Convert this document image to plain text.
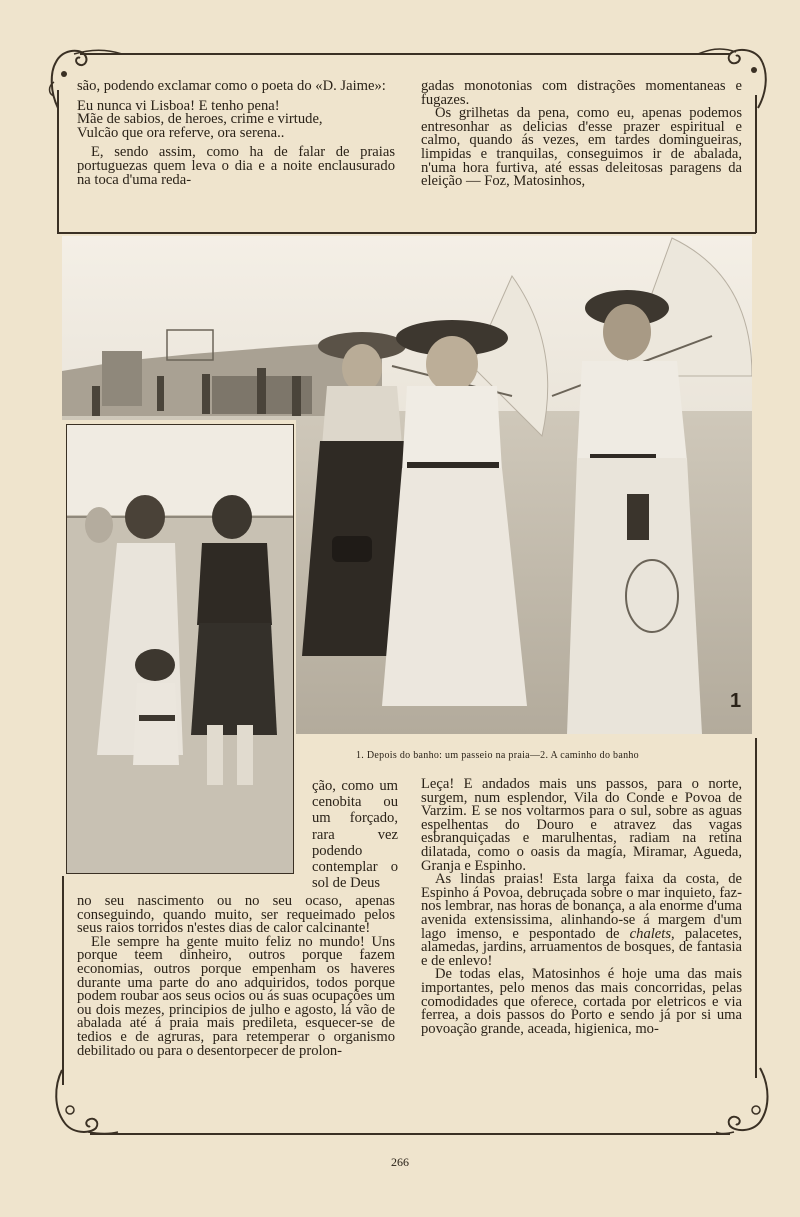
são, podendo exclamar como o poeta do «D. Jaime»:

Eu nunca vi Lisboa! E tenho pena!
Mãe de sabios, de heroes, crime e virtude,
Vulcão que ora referve, ora serena..

E, sendo assim, como ha de falar de praias portuguezas quem leva o dia e a noite enclausurado na toca d'uma reda-

gadas monotonias com distrações momentaneas e fugazes.

Os grilhetas da pena, como eu, apenas podemos entresonhar as delicias d'esse prazer espiritual e calmo, quando ás vezes, em tardes domingueiras, limpidas e tranquilas, conseguimos ir de abalada, n'uma hora furtiva, até essas deleitosas paragens da eleição — Foz, Matosinhos,

1
1. Depois do banho: um passeio na praia—2. A caminho do banho

ção, como um cenobita ou um forçado, rara vez podendo contemplar o sol de Deus

no seu nascimento ou no seu ocaso, apenas conseguindo, quando muito, ser requeimado pelos seus raios torridos n'estes dias de calor calcinante!

Ele sempre ha gente muito feliz no mundo! Uns porque teem dinheiro, outros porque fazem economias, outros porque empenham os haveres durante uma parte do ano adquiridos, todos porque podem roubar aos seus ocios ou ás suas ocupações um ou dois mezes, principios de julho e agosto, lá vão de abalada até á praia mais predileta, esquecer-se de tedios e de agruras, para retemperar o organismo debilitado ou para o desentorpecer de prolon-

Leça! E andados mais uns passos, para o norte, surgem, num esplendor, Vila do Conde e Povoa de Varzim. E se nos voltarmos para o sul, sobre as aguas espelhentas do Douro e atravez das vagas esbranquiçadas e marulhentas, radiam na retina dilatada, como o oasis da magía, Miramar, Agueda, Granja e Espinho.

As lindas praias! Esta larga faixa da costa, de Espinho á Povoa, debruçada sobre o mar inquieto, faz-nos lembrar, nas horas de bonança, a ala enorme d'uma avenida extensissima, alinhando-se á margem d'um lago imenso, e pespontado de chalets, palacetes, alamedas, jardins, arruamentos de bosques, de fantasia e de enlevo!

De todas elas, Matosinhos é hoje uma das mais importantes, pelo menos das mais concorridas, pelas comodidades que oferece, cortada por eletricos e via ferrea, a dois passos do Porto e sendo já por si uma povoação grande, aceada, higienica, mo-

266
